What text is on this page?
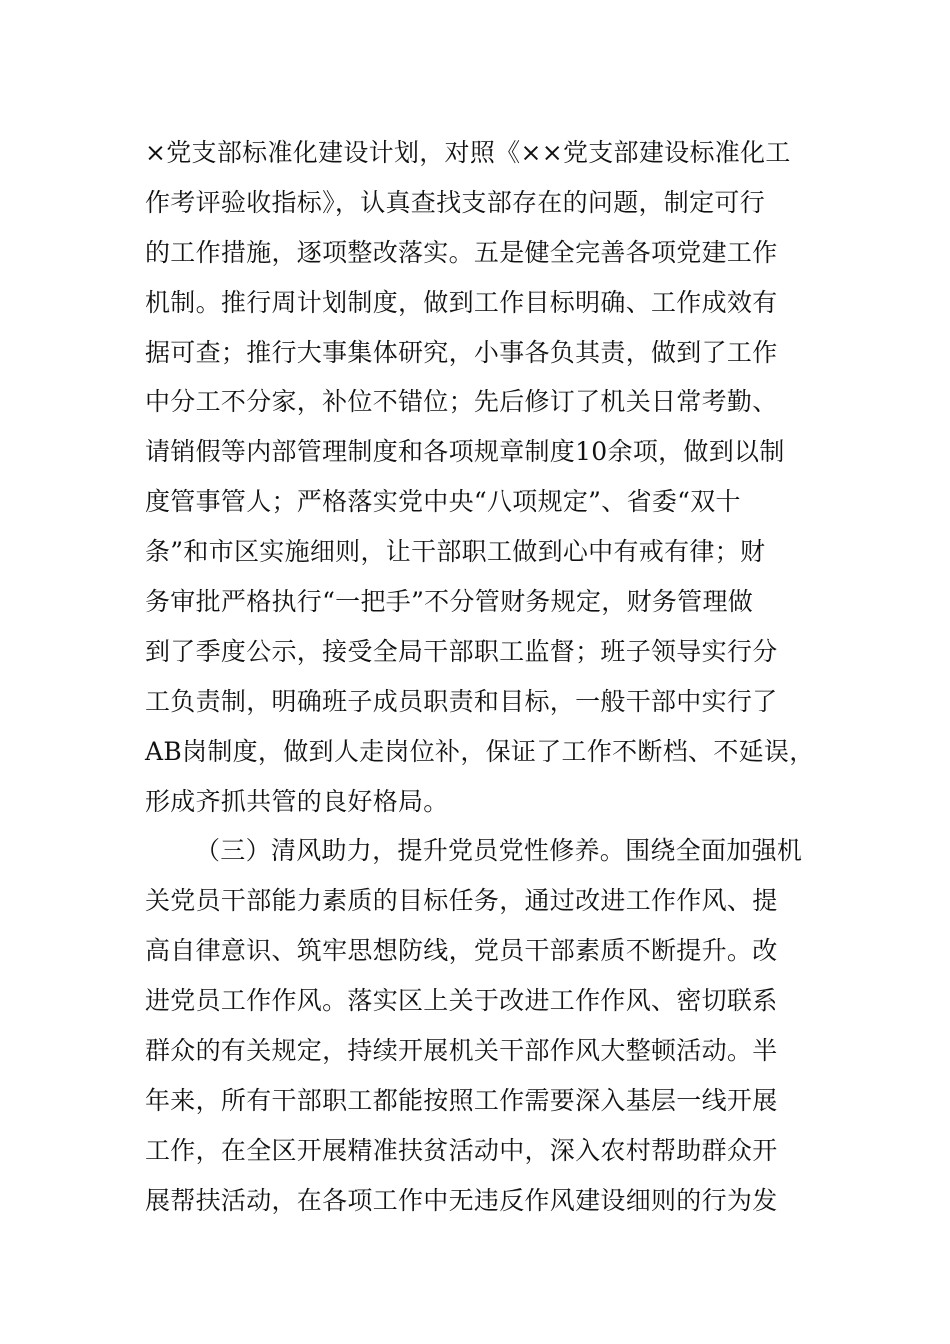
×党支部标准化建设计划，对照《××党支部建设标准化工
作考评验收指标》，认真查找支部存在的问题，制定可行
的工作措施，逐项整改落实。五是健全完善各项党建工作
机制。推行周计划制度，做到工作目标明确、工作成效有
据可查；推行大事集体研究，小事各负其责，做到了工作
中分工不分家，补位不错位；先后修订了机关日常考勤、
请销假等内部管理制度和各项规章制度10余项，做到以制
度管事管人；严格落实党中央“八项规定”、省委“双十
条”和市区实施细则，让干部职工做到心中有戒有律；财
务审批严格执行“一把手”不分管财务规定，财务管理做
到了季度公示，接受全局干部职工监督；班子领导实行分
工负责制，明确班子成员职责和目标，一般干部中实行了
AB岗制度，做到人走岗位补，保证了工作不断档、不延误，
形成齐抓共管的良好格局。
（三）清风助力，提升党员党性修养。围绕全面加强机
关党员干部能力素质的目标任务，通过改进工作作风、提
高自律意识、筑牢思想防线，党员干部素质不断提升。改
进党员工作作风。落实区上关于改进工作作风、密切联系
群众的有关规定，持续开展机关干部作风大整顿活动。半
年来，所有干部职工都能按照工作需要深入基层一线开展
工作，在全区开展精准扶贫活动中，深入农村帮助群众开
展帮扶活动，在各项工作中无违反作风建设细则的行为发
